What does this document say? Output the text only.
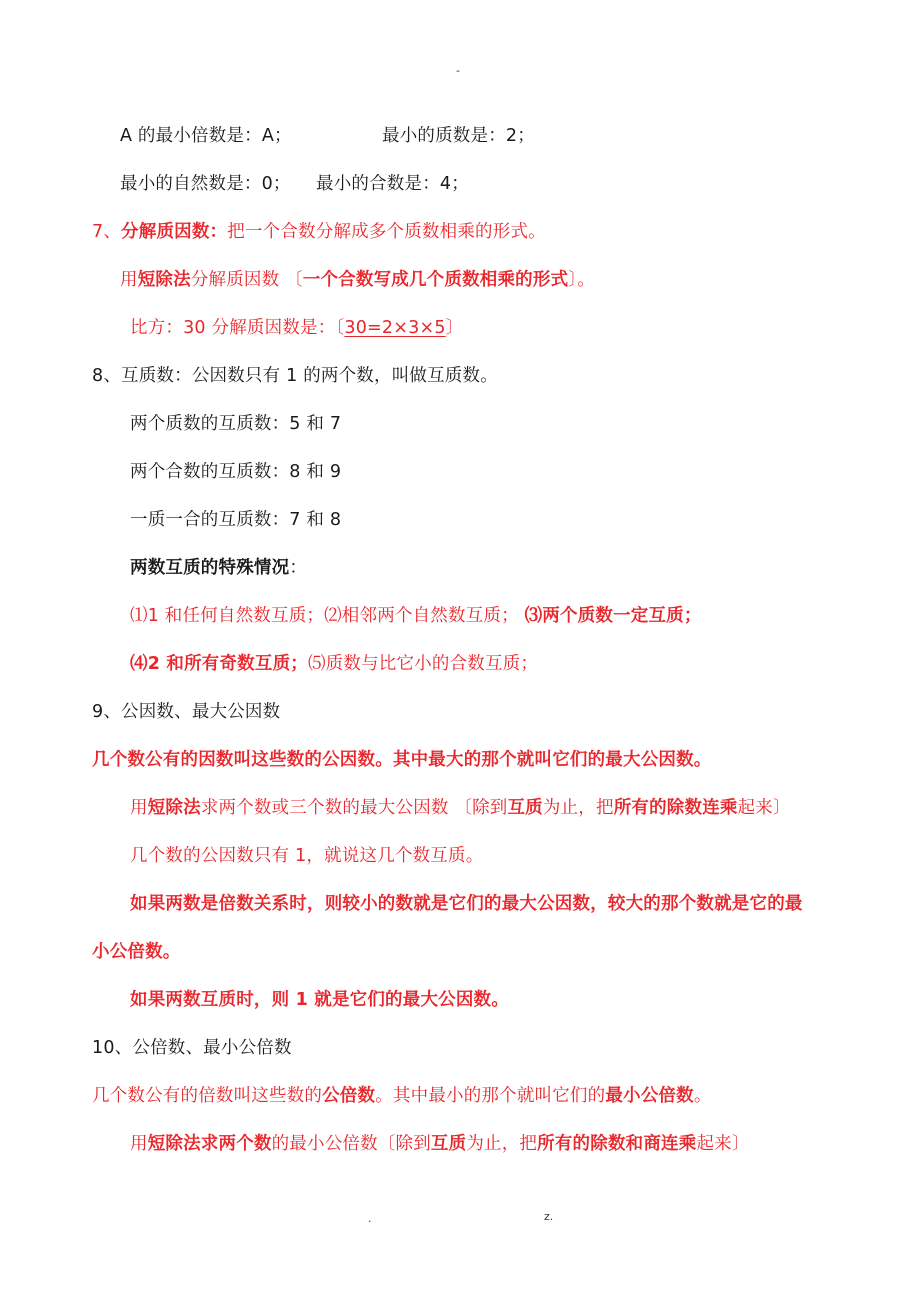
-
A 的最小倍数是：A；	最小的质数是：2；
最小的自然数是：0； 最小的合数是：4；
7、分解质因数：把一个合数分解成多个质数相乘的形式。
用短除法分解质因数 〔一个合数写成几个质数相乘的形式〕。
比方：30 分解质因数是：〔30=2×3×5〕
8、互质数：公因数只有 1 的两个数，叫做互质数。
两个质数的互质数：5 和 7
两个合数的互质数：8 和 9
一质一合的互质数：7 和 8
两数互质的特殊情况：
⑴1 和任何自然数互质；⑵相邻两个自然数互质； ⑶两个质数一定互质；
⑷2 和所有奇数互质；⑸质数与比它小的合数互质；
9、公因数、最大公因数
几个数公有的因数叫这些数的公因数。其中最大的那个就叫它们的最大公因数。
用短除法求两个数或三个数的最大公因数 〔除到互质为止，把所有的除数连乘起来〕
几个数的公因数只有 1，就说这几个数互质。
如果两数是倍数关系时，则较小的数就是它们的最大公因数，较大的那个数就是它的最
小公倍数。
如果两数互质时，则 1 就是它们的最大公因数。
10、公倍数、最小公倍数
几个数公有的倍数叫这些数的公倍数。其中最小的那个就叫它们的最小公倍数。
用短除法求两个数的最小公倍数〔除到互质为止，把所有的除数和商连乘起来〕
.	z.
